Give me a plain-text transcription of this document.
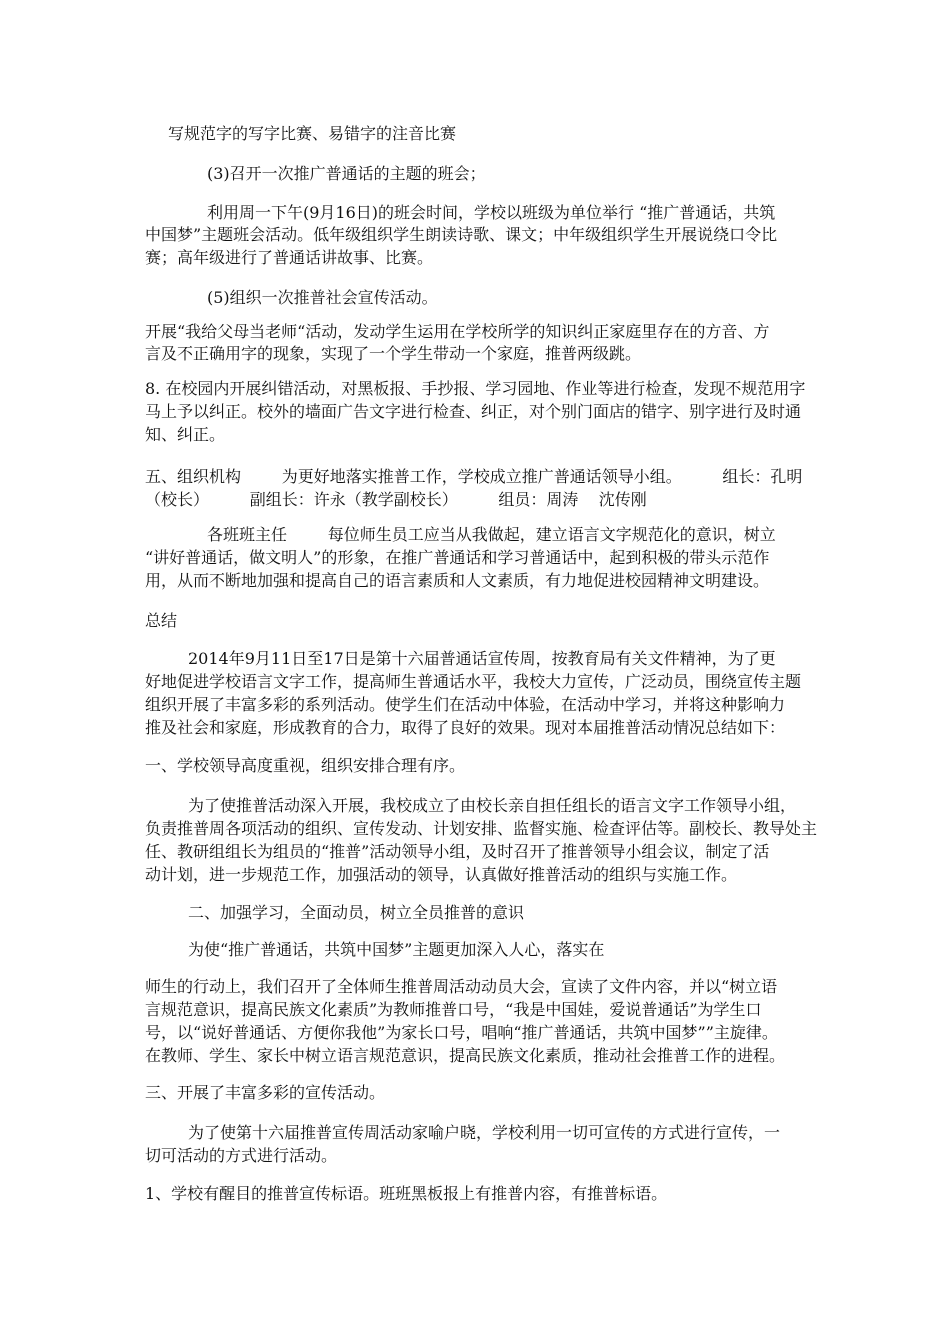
写规范字的写字比赛、易错字的注音比赛
(3)召开一次推广普通话的主题的班会；
利用周一下午(9月16日)的班会时间，学校以班级为单位举行 “推广普通话，共筑
中国梦”主题班会活动。低年级组织学生朗读诗歌、课文；中年级组织学生开展说绕口令比
赛；高年级进行了普通话讲故事、比赛。
(5)组织一次推普社会宣传活动。
开展“我给父母当老师“活动，发动学生运用在学校所学的知识纠正家庭里存在的方音、方
言及不正确用字的现象，实现了一个学生带动一个家庭，推普两级跳。
8. 在校园内开展纠错活动，对黑板报、手抄报、学习园地、作业等进行检查，发现不规范用字
马上予以纠正。校外的墙面广告文字进行检查、纠正，对个别门面店的错字、别字进行及时通
知、纠正。
五、组织机构        为更好地落实推普工作，学校成立推广普通话领导小组。        组长：孔明
（校长）        副组长：许永（教学副校长）        组员：周涛    沈传刚
各班班主任        每位师生员工应当从我做起，建立语言文字规范化的意识，树立
“讲好普通话，做文明人”的形象，在推广普通话和学习普通话中，起到积极的带头示范作
用，从而不断地加强和提高自己的语言素质和人文素质，有力地促进校园精神文明建设。
总结
2014年9月11日至17日是第十六届普通话宣传周，按教育局有关文件精神，为了更
好地促进学校语言文字工作，提高师生普通话水平，我校大力宣传，广泛动员，围绕宣传主题
组织开展了丰富多彩的系列活动。使学生们在活动中体验，在活动中学习，并将这种影响力
推及社会和家庭，形成教育的合力，取得了良好的效果。现对本届推普活动情况总结如下：
一、学校领导高度重视，组织安排合理有序。
为了使推普活动深入开展，我校成立了由校长亲自担任组长的语言文字工作领导小组，
负责推普周各项活动的组织、宣传发动、计划安排、监督实施、检查评估等。副校长、教导处主
任、教研组组长为组员的“推普”活动领导小组，及时召开了推普领导小组会议，制定了活
动计划，进一步规范工作，加强活动的领导，认真做好推普活动的组织与实施工作。
二、加强学习，全面动员，树立全员推普的意识
为使“推广普通话，共筑中国梦”主题更加深入人心，落实在
师生的行动上，我们召开了全体师生推普周活动动员大会，宣读了文件内容，并以“树立语
言规范意识，提高民族文化素质”为教师推普口号，“我是中国娃，爱说普通话”为学生口
号，以“说好普通话、方便你我他”为家长口号，唱响“推广普通话，共筑中国梦””主旋律。
在教师、学生、家长中树立语言规范意识，提高民族文化素质，推动社会推普工作的进程。
三、开展了丰富多彩的宣传活动。
为了使第十六届推普宣传周活动家喻户晓，学校利用一切可宣传的方式进行宣传，一
切可活动的方式进行活动。
1、学校有醒目的推普宣传标语。班班黑板报上有推普内容，有推普标语。
